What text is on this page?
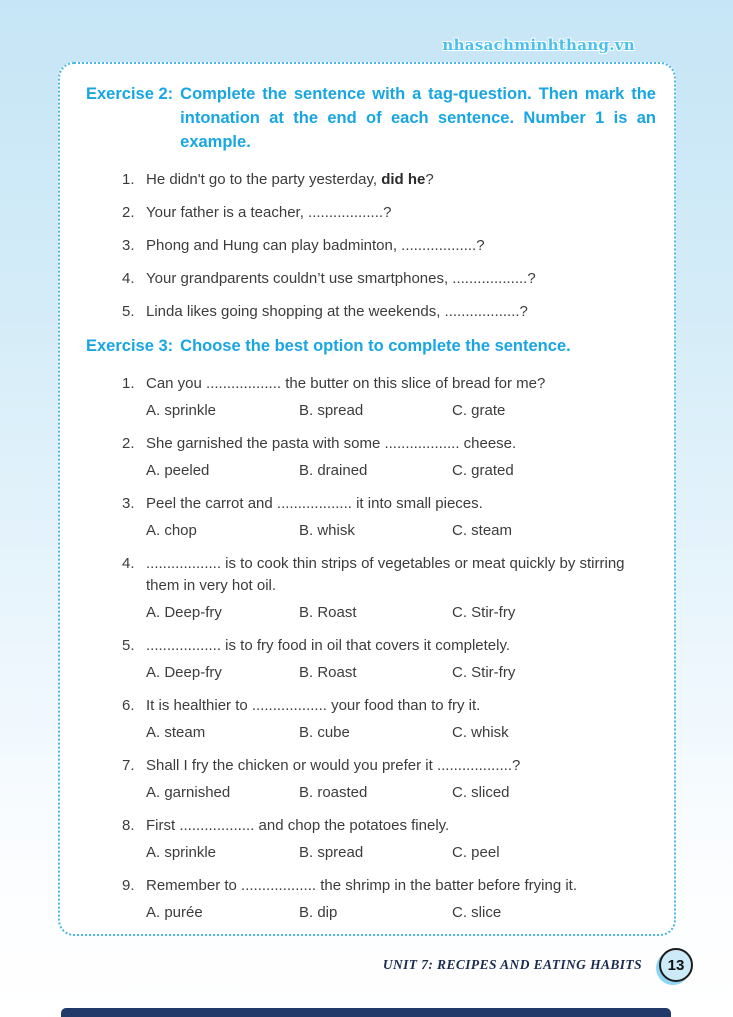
nhasachminhthang.vn
Exercise 2: Complete the sentence with a tag-question. Then mark the intonation at the end of each sentence. Number 1 is an example.
1. He didn't go to the party yesterday, did he?
2. Your father is a teacher, ..................?
3. Phong and Hung can play badminton, ..................?
4. Your grandparents couldn’t use smartphones, ..................?
5. Linda likes going shopping at the weekends, ..................?
Exercise 3: Choose the best option to complete the sentence.
1. Can you .................. the butter on this slice of bread for me?
A. sprinkle	B. spread	C. grate
2. She garnished the pasta with some .................. cheese.
A. peeled	B. drained	C. grated
3. Peel the carrot and .................. it into small pieces.
A. chop	B. whisk	C. steam
4. .................. is to cook thin strips of vegetables or meat quickly by stirring them in very hot oil.
A. Deep-fry	B. Roast	C. Stir-fry
5. .................. is to fry food in oil that covers it completely.
A. Deep-fry	B. Roast	C. Stir-fry
6. It is healthier to .................. your food than to fry it.
A. steam	B. cube	C. whisk
7. Shall I fry the chicken or would you prefer it ..................?
A. garnished	B. roasted	C. sliced
8. First .................. and chop the potatoes finely.
A. sprinkle	B. spread	C. peel
9. Remember to .................. the shrimp in the batter before frying it.
A. purée	B. dip	C. slice
UNIT 7: RECIPES AND EATING HABITS	13
